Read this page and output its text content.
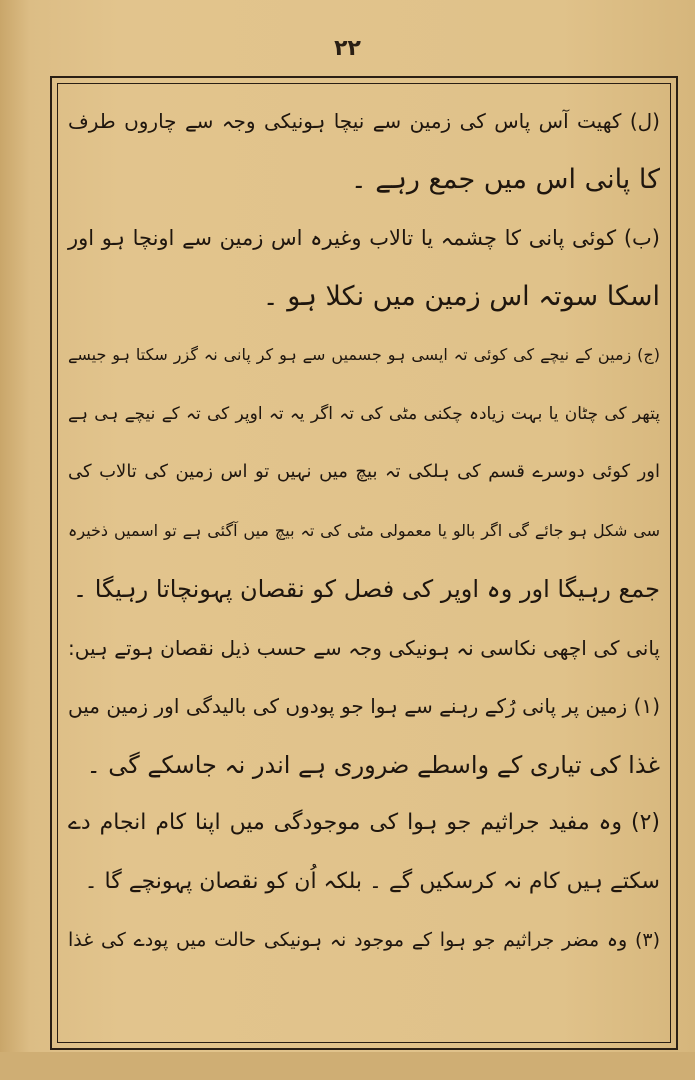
۲۲
(ل) کھیت آس پاس کی زمین سے نیچا ہونیکی وجہ سے چاروں طرف
کا پانی اس میں جمع رہے ۔
(ب) کوئی پانی کا چشمہ یا تالاب وغیرہ اس زمین سے اونچا ہو اور
اسکا سوتہ اس زمین میں نکلا ہو ۔
(ج) زمین کے نیچے کی کوئی تہ ایسی ہو جسمیں سے ہو کر پانی نہ گزر سکتا ہو جیسے
پتھر کی چٹان یا بہت زیادہ چکنی مٹی کی تہ اگر یہ تہ اوپر کی تہ کے نیچے ہی ہے
اور کوئی دوسرے قسم کی ہلکی تہ بیچ میں نہیں تو اس زمین کی تالاب کی
سی شکل ہو جائے گی اگر بالو یا معمولی مٹی کی تہ بیچ میں آگئی ہے تو اسمیں ذخیرہ
جمع رہیگا اور وہ اوپر کی فصل کو نقصان پہونچاتا رہیگا ۔
پانی کی اچھی نکاسی نہ ہونیکی وجہ سے حسب ذیل نقصان ہوتے ہیں:
(۱) زمین پر پانی رُکے رہنے سے ہوا جو پودوں کی بالیدگی اور زمین میں
غذا کی تیاری کے واسطے ضروری ہے اندر نہ جاسکے گی ۔
(۲) وہ مفید جراثیم جو ہوا کی موجودگی میں اپنا کام انجام دے
سکتے ہیں کام نہ کرسکیں گے ۔ بلکہ اُن کو نقصان پہونچے گا ۔
(۳) وہ مضر جراثیم جو ہوا کے موجود نہ ہونیکی حالت میں پودے کی غذا
